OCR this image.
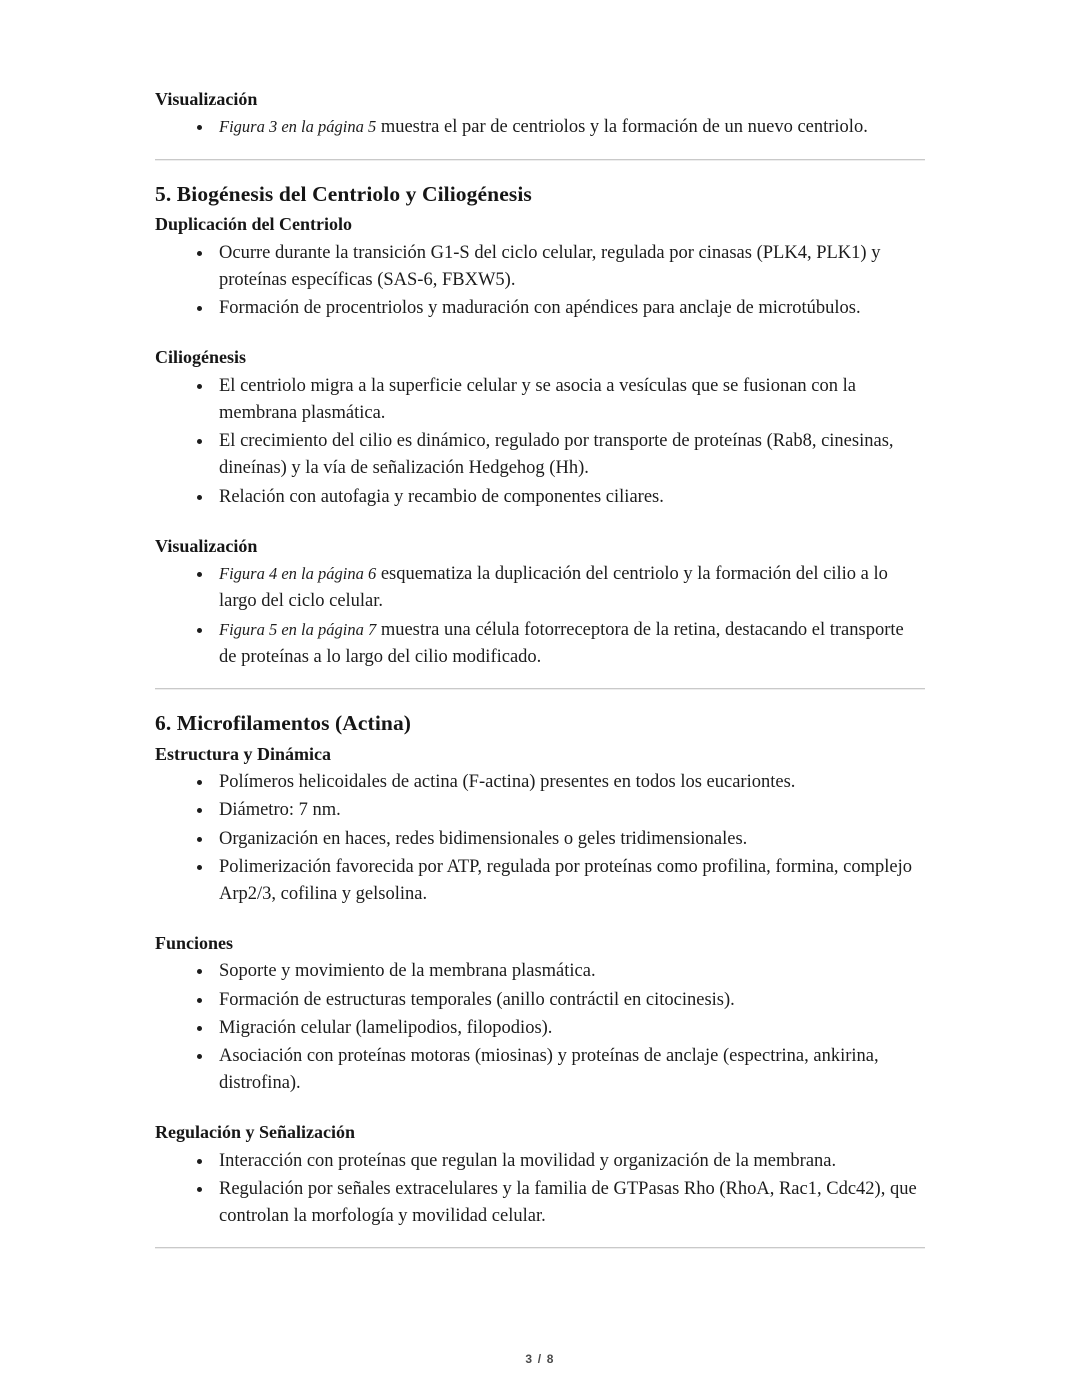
Visualización
Figura 3 en la página 5 muestra el par de centriolos y la formación de un nuevo centriolo.
5. Biogénesis del Centriolo y Ciliogénesis
Duplicación del Centriolo
Ocurre durante la transición G1-S del ciclo celular, regulada por cinasas (PLK4, PLK1) y proteínas específicas (SAS-6, FBXW5).
Formación de procentriolos y maduración con apéndices para anclaje de microtúbulos.
Ciliogénesis
El centriolo migra a la superficie celular y se asocia a vesículas que se fusionan con la membrana plasmática.
El crecimiento del cilio es dinámico, regulado por transporte de proteínas (Rab8, cinesinas, dineínas) y la vía de señalización Hedgehog (Hh).
Relación con autofagia y recambio de componentes ciliares.
Visualización
Figura 4 en la página 6 esquematiza la duplicación del centriolo y la formación del cilio a lo largo del ciclo celular.
Figura 5 en la página 7 muestra una célula fotorreceptora de la retina, destacando el transporte de proteínas a lo largo del cilio modificado.
6. Microfilamentos (Actina)
Estructura y Dinámica
Polímeros helicoidales de actina (F-actina) presentes en todos los eucariontes.
Diámetro: 7 nm.
Organización en haces, redes bidimensionales o geles tridimensionales.
Polimerización favorecida por ATP, regulada por proteínas como profilina, formina, complejo Arp2/3, cofilina y gelsolina.
Funciones
Soporte y movimiento de la membrana plasmática.
Formación de estructuras temporales (anillo contráctil en citocinesis).
Migración celular (lamelipodios, filopodios).
Asociación con proteínas motoras (miosinas) y proteínas de anclaje (espectrina, ankirina, distrofina).
Regulación y Señalización
Interacción con proteínas que regulan la movilidad y organización de la membrana.
Regulación por señales extracelulares y la familia de GTPasas Rho (RhoA, Rac1, Cdc42), que controlan la morfología y movilidad celular.
3 / 8
